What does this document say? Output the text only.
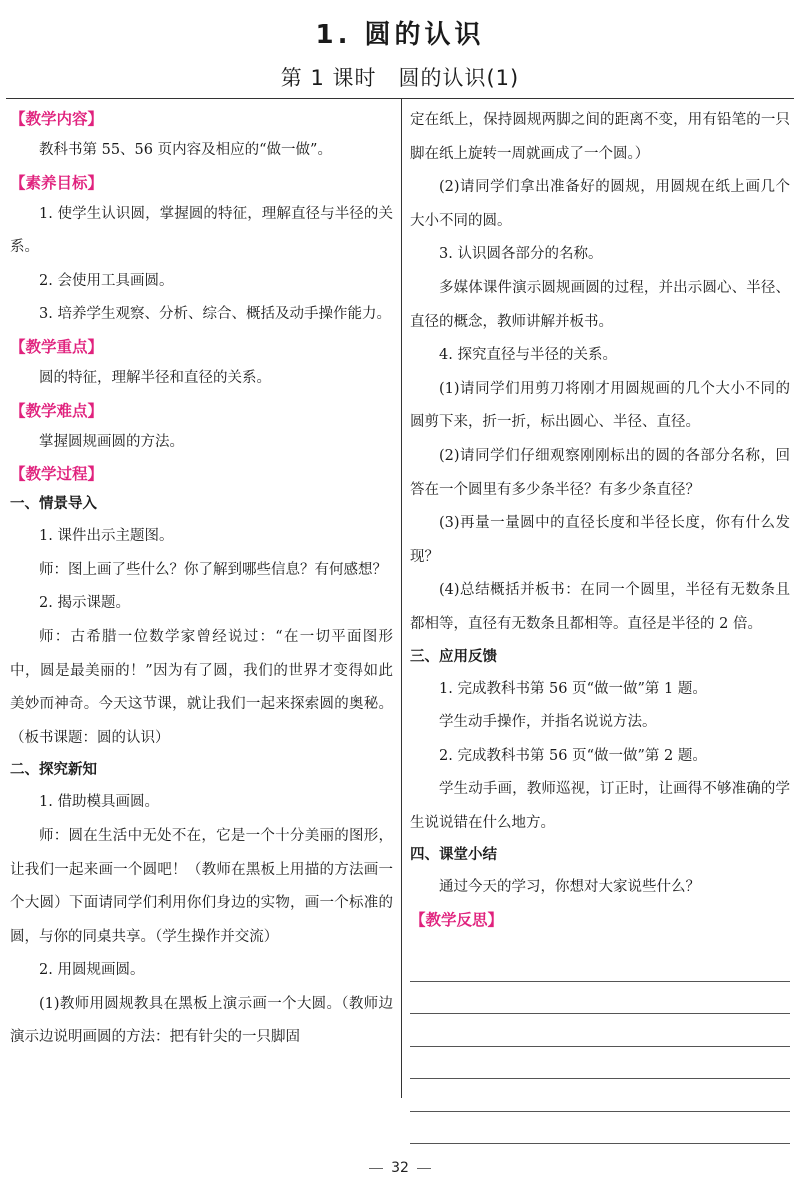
1. 圆的认识
第 1 课时　圆的认识(1)
【教学内容】

教科书第 55、56 页内容及相应的“做一做”。

【素养目标】

1. 使学生认识圆，掌握圆的特征，理解直径与半径的关系。

2. 会使用工具画圆。

3. 培养学生观察、分析、综合、概括及动手操作能力。

【教学重点】

圆的特征，理解半径和直径的关系。

【教学难点】

掌握圆规画圆的方法。

【教学过程】
一、情景导入

1. 课件出示主题图。

师：图上画了些什么？你了解到哪些信息？有何感想？

2. 揭示课题。

师：古希腊一位数学家曾经说过：“在一切平面图形中，圆是最美丽的！”因为有了圆，我们的世界才变得如此美妙而神奇。今天这节课，就让我们一起来探索圆的奥秘。（板书课题：圆的认识）

二、探究新知

1. 借助模具画圆。

师：圆在生活中无处不在，它是一个十分美丽的图形，让我们一起来画一个圆吧！（教师在黑板上用描的方法画一个大圆）下面请同学们利用你们身边的实物，画一个标准的圆，与你的同桌共享。（学生操作并交流）

2. 用圆规画圆。

(1)教师用圆规教具在黑板上演示画一个大圆。（教师边演示边说明画圆的方法：把有针尖的一只脚固

定在纸上，保持圆规两脚之间的距离不变，用有铅笔的一只脚在纸上旋转一周就画成了一个圆。）

(2)请同学们拿出准备好的圆规，用圆规在纸上画几个大小不同的圆。

3. 认识圆各部分的名称。

多媒体课件演示圆规画圆的过程，并出示圆心、半径、直径的概念，教师讲解并板书。

4. 探究直径与半径的关系。

(1)请同学们用剪刀将刚才用圆规画的几个大小不同的圆剪下来，折一折，标出圆心、半径、直径。

(2)请同学们仔细观察刚刚标出的圆的各部分名称，回答在一个圆里有多少条半径？有多少条直径？

(3)再量一量圆中的直径长度和半径长度，你有什么发现？

(4)总结概括并板书：在同一个圆里，半径有无数条且都相等，直径有无数条且都相等。直径是半径的 2 倍。

三、应用反馈

1. 完成教科书第 56 页“做一做”第 1 题。

学生动手操作，并指名说说方法。

2. 完成教科书第 56 页“做一做”第 2 题。

学生动手画，教师巡视，订正时，让画得不够准确的学生说说错在什么地方。

四、课堂小结

通过今天的学习，你想对大家说些什么？

【教学反思】
32
